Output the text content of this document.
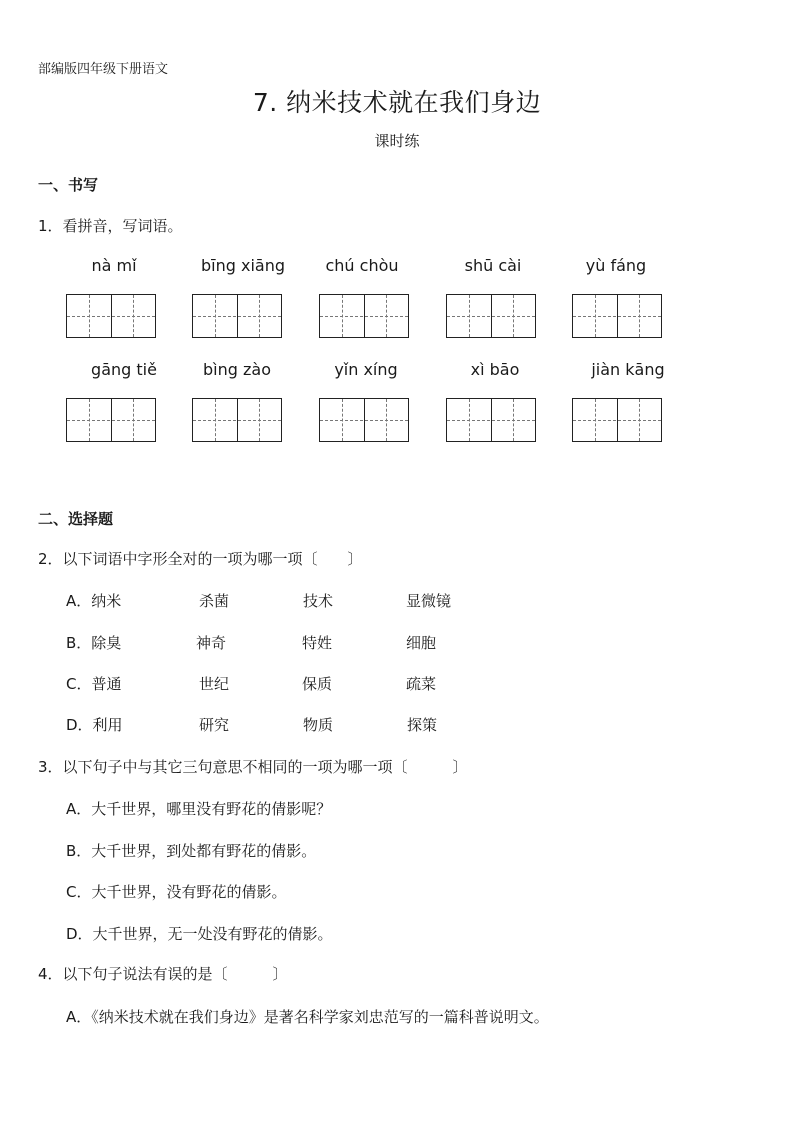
部编版四年级下册语文
7. 纳米技术就在我们身边
课时练
一、书写
1．看拼音，写词语。
nà mǐ	bīng xiāng	chú chòu	shū cài	yù fáng
gāng tiě	bìng zào	yǐn xíng	xì bāo	jiàn kāng
二、选择题
2．以下词语中字形全对的一项为哪一项〔　　〕
A．纳米	杀菌	技术	显微镜
B．除臭	神奇	特姓	细胞
C．普通	世纪	保质	疏菜
D．利用	研究	物质	探策
3．以下句子中与其它三句意思不相同的一项为哪一项〔　　　〕
A．大千世界，哪里没有野花的倩影呢？
B．大千世界，到处都有野花的倩影。
C．大千世界，没有野花的倩影。
D．大千世界，无一处没有野花的倩影。
4．以下句子说法有误的是〔　　　〕
A．《纳米技术就在我们身边》是著名科学家刘忠范写的一篇科普说明文。
